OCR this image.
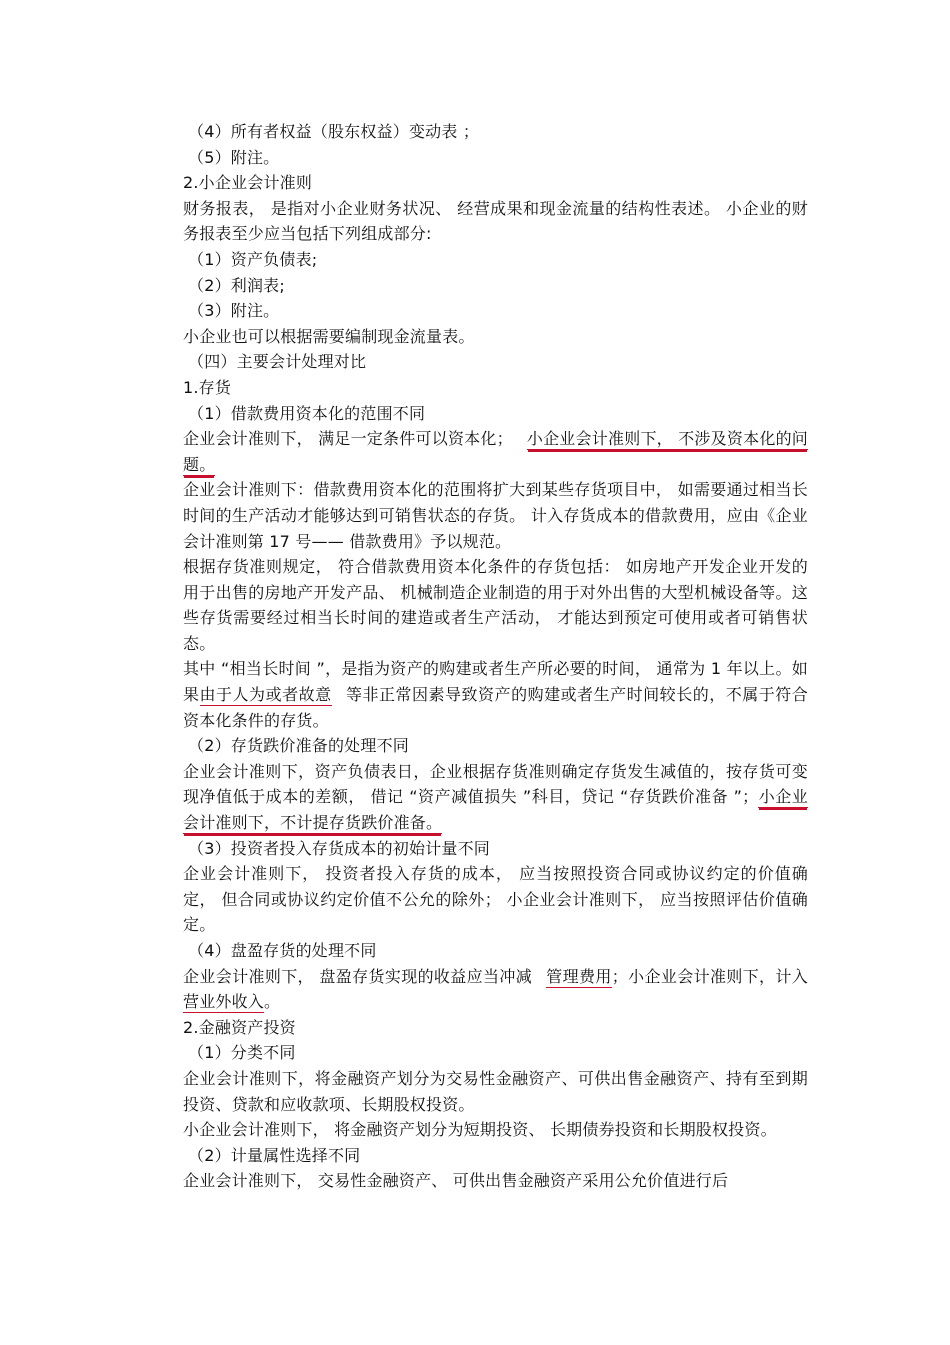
（4）所有者权益（股东权益）变动表 ；

（5）附注。

2.小企业会计准则

财务报表， 是指对小企业财务状况、 经营成果和现金流量的结构性表述。 小企业的财务报表至少应当包括下列组成部分:

（1）资产负债表;

（2）利润表;

（3）附注。

小企业也可以根据需要编制现金流量表。

（四）主要会计处理对比

1.存货

（1）借款费用资本化的范围不同

企业会计准则下， 满足一定条件可以资本化； 小企业会计准则下， 不涉及资本化的问题。

企业会计准则下：借款费用资本化的范围将扩大到某些存货项目中， 如需要通过相当长时间的生产活动才能够达到可销售状态的存货。 计入存货成本的借款费用，应由《企业会计准则第 17 号—— 借款费用》予以规范。

根据存货准则规定， 符合借款费用资本化条件的存货包括： 如房地产开发企业开发的用于出售的房地产开发产品、 机械制造企业制造的用于对外出售的大型机械设备等。这些存货需要经过相当长时间的建造或者生产活动， 才能达到预定可使用或者可销售状态。

其中 “相当长时间 ”，是指为资产的购建或者生产所必要的时间， 通常为 1 年以上。如果由于人为或者故意 等非正常因素导致资产的购建或者生产时间较长的，不属于符合资本化条件的存货。

（2）存货跌价准备的处理不同

企业会计准则下，资产负债表日，企业根据存货准则确定存货发生减值的，按存货可变现净值低于成本的差额， 借记 “资产减值损失 ”科目，贷记 “存货跌价准备 ”；小企业会计准则下，不计提存货跌价准备。

（3）投资者投入存货成本的初始计量不同

企业会计准则下， 投资者投入存货的成本， 应当按照投资合同或协议约定的价值确定， 但合同或协议约定价值不公允的除外； 小企业会计准则下， 应当按照评估价值确定。

（4）盘盈存货的处理不同

企业会计准则下， 盘盈存货实现的收益应当冲减 管理费用；小企业会计准则下，计入营业外收入。

2.金融资产投资

（1）分类不同

企业会计准则下，将金融资产划分为交易性金融资产、可供出售金融资产、持有至到期投资、贷款和应收款项、长期股权投资。

小企业会计准则下， 将金融资产划分为短期投资、 长期债券投资和长期股权投资。

（2）计量属性选择不同

企业会计准则下， 交易性金融资产、 可供出售金融资产采用公允价值进行后
